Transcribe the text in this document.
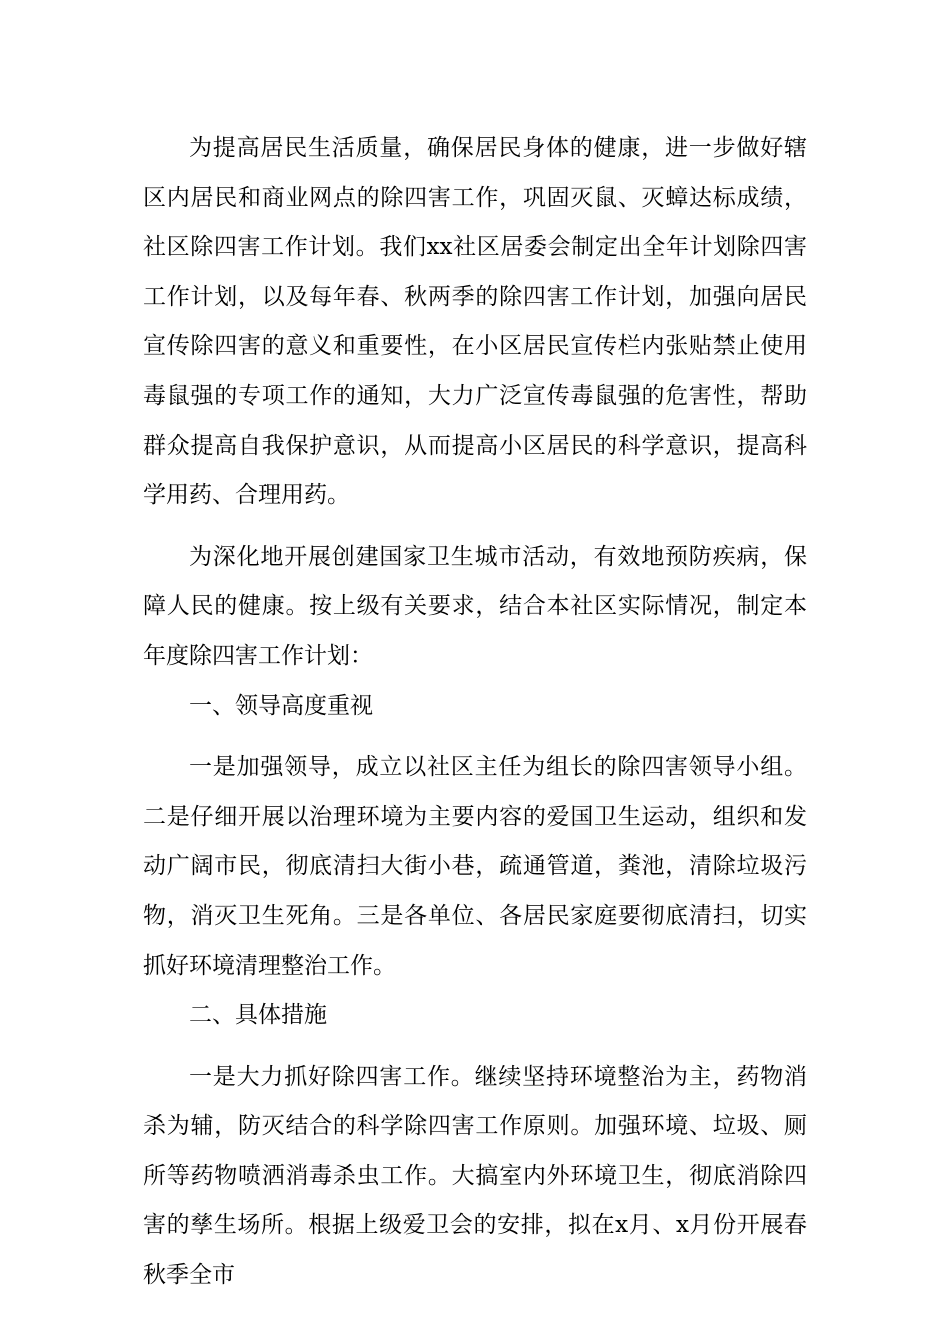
为提高居民生活质量，确保居民身体的健康，进一步做好辖区内居民和商业网点的除四害工作，巩固灭鼠、灭蟑达标成绩，社区除四害工作计划。我们xx社区居委会制定出全年计划除四害工作计划，以及每年春、秋两季的除四害工作计划，加强向居民宣传除四害的意义和重要性，在小区居民宣传栏内张贴禁止使用毒鼠强的专项工作的通知，大力广泛宣传毒鼠强的危害性，帮助群众提高自我保护意识，从而提高小区居民的科学意识，提高科学用药、合理用药。

为深化地开展创建国家卫生城市活动，有效地预防疾病，保障人民的健康。按上级有关要求，结合本社区实际情况，制定本年度除四害工作计划：

一、领导高度重视

一是加强领导，成立以社区主任为组长的除四害领导小组。二是仔细开展以治理环境为主要内容的爱国卫生运动，组织和发动广阔市民，彻底清扫大街小巷，疏通管道，粪池，清除垃圾污物，消灭卫生死角。三是各单位、各居民家庭要彻底清扫，切实抓好环境清理整治工作。

二、具体措施

一是大力抓好除四害工作。继续坚持环境整治为主，药物消杀为辅，防灭结合的科学除四害工作原则。加强环境、垃圾、厕所等药物喷洒消毒杀虫工作。大搞室内外环境卫生，彻底消除四害的孳生场所。根据上级爱卫会的安排，拟在x月、x月份开展春秋季全市
